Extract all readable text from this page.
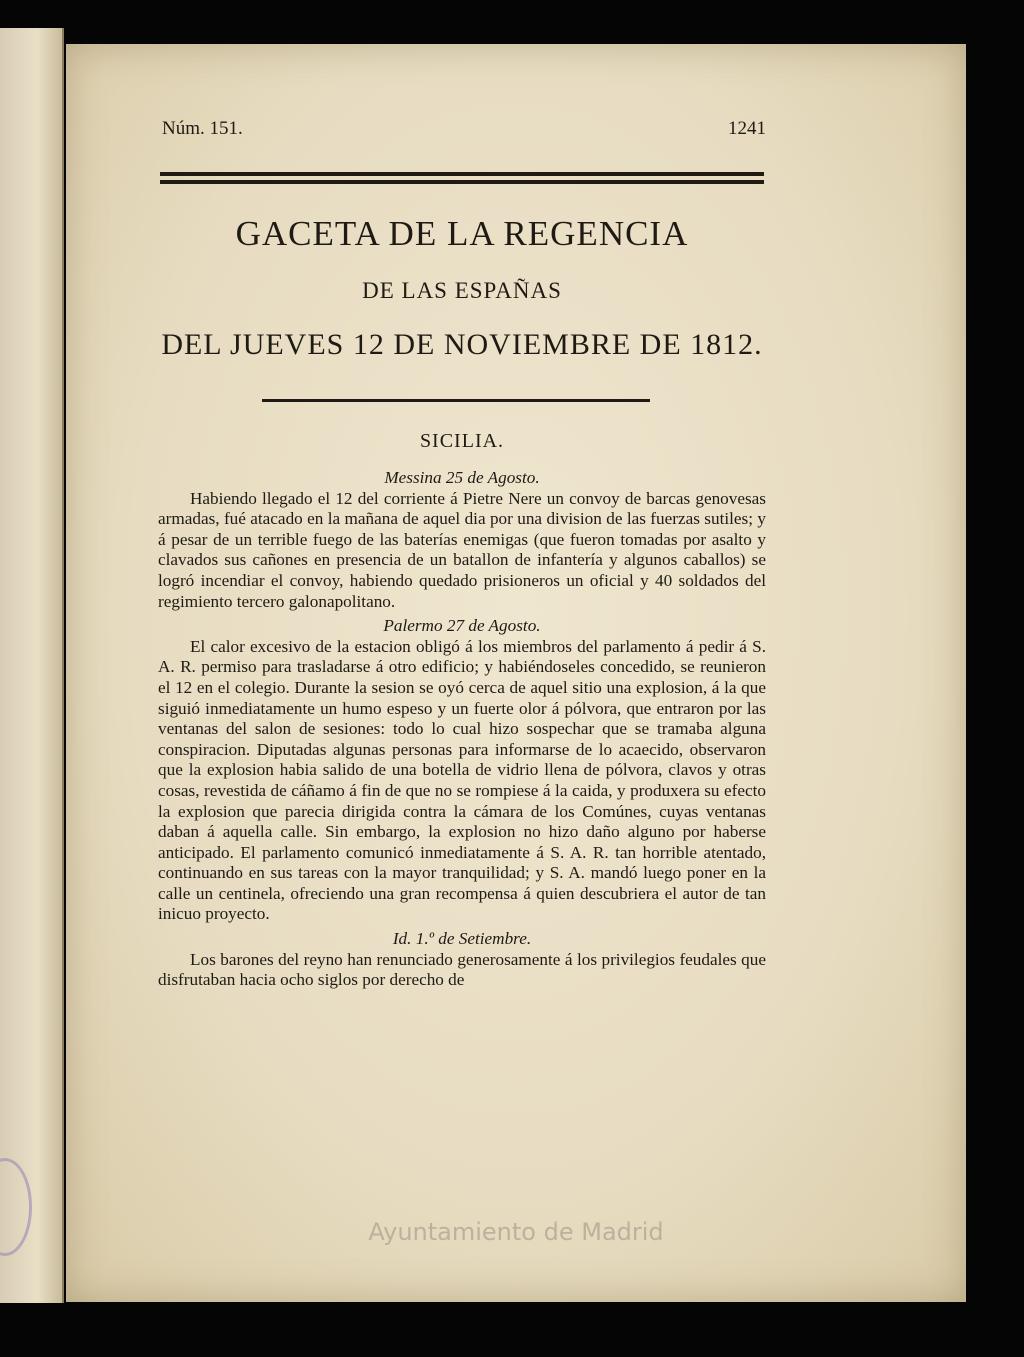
Núm. 151.	1241
GACETA DE LA REGENCIA
DE LAS ESPAÑAS
DEL JUEVES 12 DE NOVIEMBRE DE 1812.
SICILIA.

Messina 25 de Agosto.

Habiendo llegado el 12 del corriente á Pietre Nere un convoy de barcas genovesas armadas, fué atacado en la mañana de aquel dia por una division de las fuerzas sutiles; y á pesar de un terrible fuego de las baterías enemigas (que fueron tomadas por asalto y clavados sus cañones en presencia de un batallon de infantería y algunos caballos) se logró incendiar el convoy, habiendo quedado prisioneros un oficial y 40 soldados del regimiento tercero galonapolitano.

Palermo 27 de Agosto.

El calor excesivo de la estacion obligó á los miembros del parlamento á pedir á S. A. R. permiso para trasladarse á otro edificio; y habiéndoseles concedido, se reunieron el 12 en el colegio. Durante la sesion se oyó cerca de aquel sitio una explosion, á la que siguió inmediatamente un humo espeso y un fuerte olor á pólvora, que entraron por las ventanas del salon de sesiones: todo lo cual hizo sospechar que se tramaba alguna conspiracion. Diputadas algunas personas para informarse de lo acaecido, observaron que la explosion habia salido de una botella de vidrio llena de pólvora, clavos y otras cosas, revestida de cáñamo á fin de que no se rompiese á la caida, y produxera su efecto la explosion que parecia dirigida contra la cámara de los Comúnes, cuyas ventanas daban á aquella calle. Sin embargo, la explosion no hizo daño alguno por haberse anticipado. El parlamento comunicó inmediatamente á S. A. R. tan horrible atentado, continuando en sus tareas con la mayor tranquilidad; y S. A. mandó luego poner en la calle un centinela, ofreciendo una gran recompensa á quien descubriera el autor de tan inicuo proyecto.

Id. 1.º de Setiembre.

Los barones del reyno han renunciado generosamente á los privilegios feudales que disfrutaban hacia ocho siglos por derecho de

Ayuntamiento de Madrid
